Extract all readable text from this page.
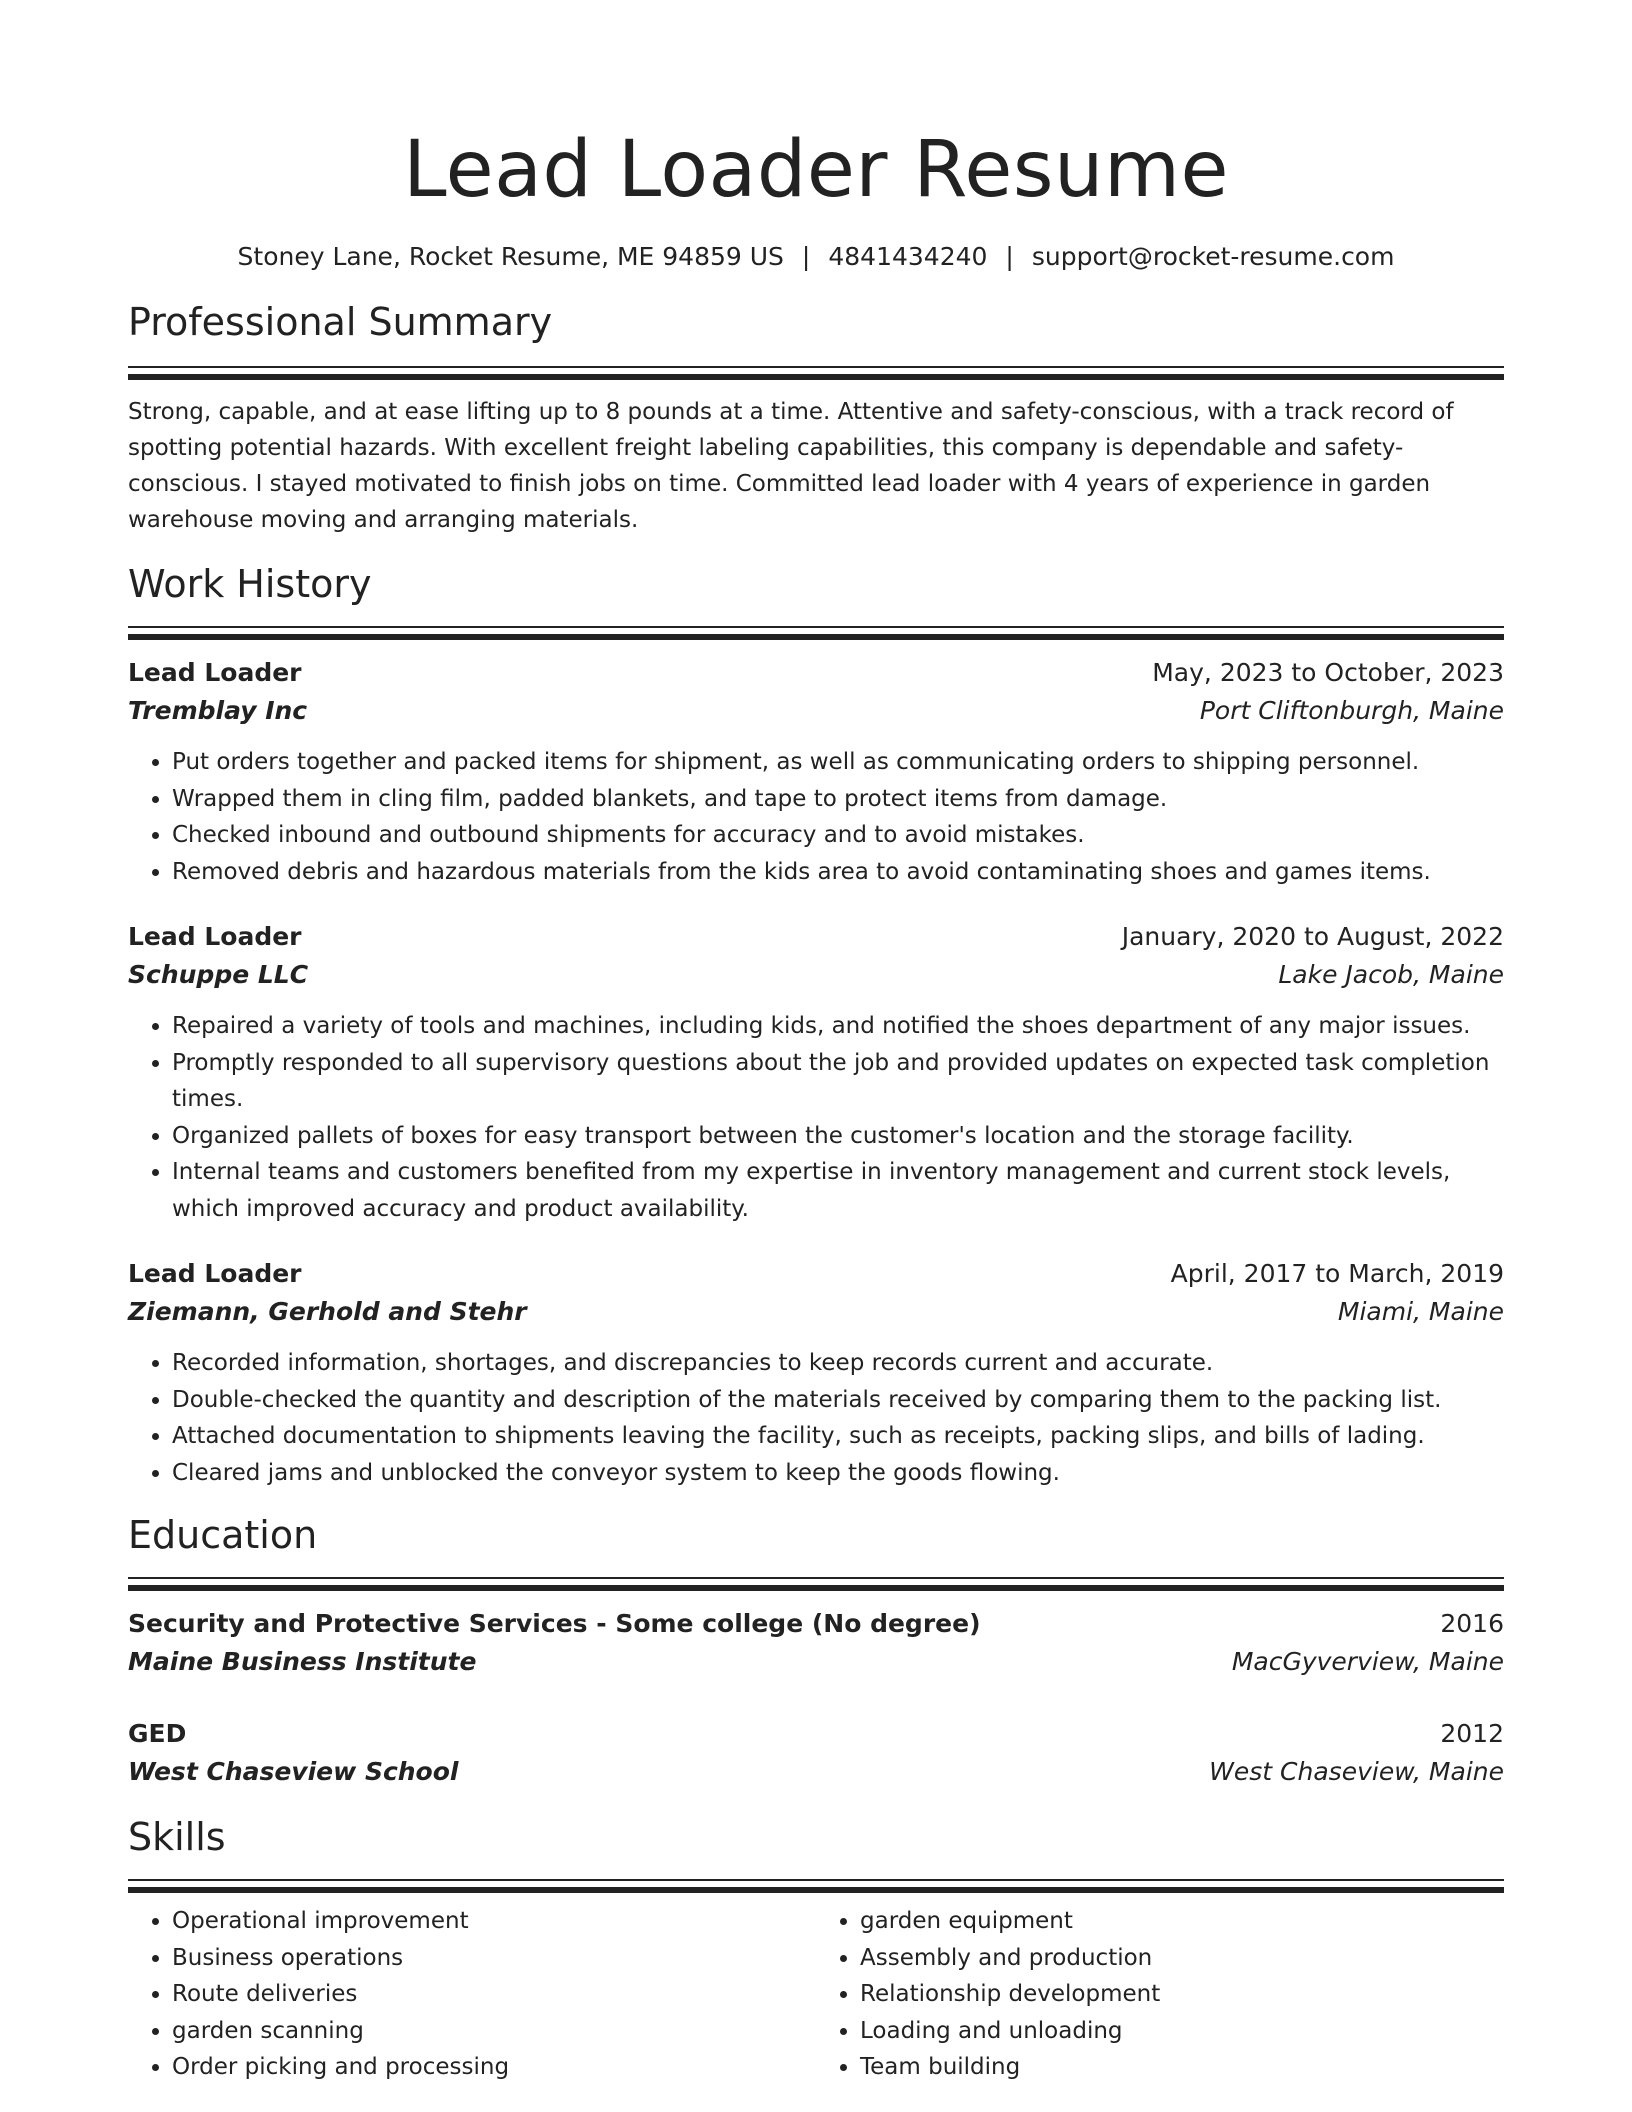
Lead Loader Resume
Stoney Lane, Rocket Resume, ME 94859 US | 4841434240 | support@rocket-resume.com
Professional Summary
Strong, capable, and at ease lifting up to 8 pounds at a time. Attentive and safety-conscious, with a track record of spotting potential hazards. With excellent freight labeling capabilities, this company is dependable and safety-conscious. I stayed motivated to finish jobs on time. Committed lead loader with 4 years of experience in garden warehouse moving and arranging materials.
Work History
Lead Loader	May, 2023 to October, 2023
Tremblay Inc	Port Cliftonburgh, Maine
• Put orders together and packed items for shipment, as well as communicating orders to shipping personnel.
• Wrapped them in cling film, padded blankets, and tape to protect items from damage.
• Checked inbound and outbound shipments for accuracy and to avoid mistakes.
• Removed debris and hazardous materials from the kids area to avoid contaminating shoes and games items.
Lead Loader	January, 2020 to August, 2022
Schuppe LLC	Lake Jacob, Maine
• Repaired a variety of tools and machines, including kids, and notified the shoes department of any major issues.
• Promptly responded to all supervisory questions about the job and provided updates on expected task completion times.
• Organized pallets of boxes for easy transport between the customer's location and the storage facility.
• Internal teams and customers benefited from my expertise in inventory management and current stock levels, which improved accuracy and product availability.
Lead Loader	April, 2017 to March, 2019
Ziemann, Gerhold and Stehr	Miami, Maine
• Recorded information, shortages, and discrepancies to keep records current and accurate.
• Double-checked the quantity and description of the materials received by comparing them to the packing list.
• Attached documentation to shipments leaving the facility, such as receipts, packing slips, and bills of lading.
• Cleared jams and unblocked the conveyor system to keep the goods flowing.
Education
Security and Protective Services - Some college (No degree)	2016
Maine Business Institute	MacGyverview, Maine
GED	2012
West Chaseview School	West Chaseview, Maine
Skills
• Operational improvement
• Business operations
• Route deliveries
• garden scanning
• Order picking and processing
• garden equipment
• Assembly and production
• Relationship development
• Loading and unloading
• Team building
